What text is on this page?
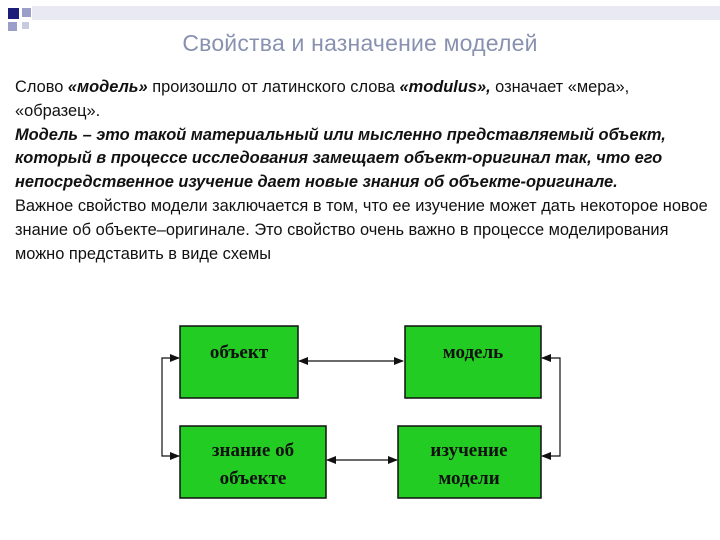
Свойства и назначение моделей

Слово «модель» произошло от латинского слова «modulus», означает «мера», «образец».

Модель – это такой материальный или мысленно представляемый объект, который в процессе исследования замещает объект-оригинал так, что его непосредственное изучение дает новые знания об объекте-оригинале.

Важное свойство модели заключается в том, что ее изучение может дать некоторое новое знание об объекте–оригинале. Это свойство очень важно в процессе моделирования можно представить в виде схемы

объект	модель
знание об
объекте
изучение
модели
